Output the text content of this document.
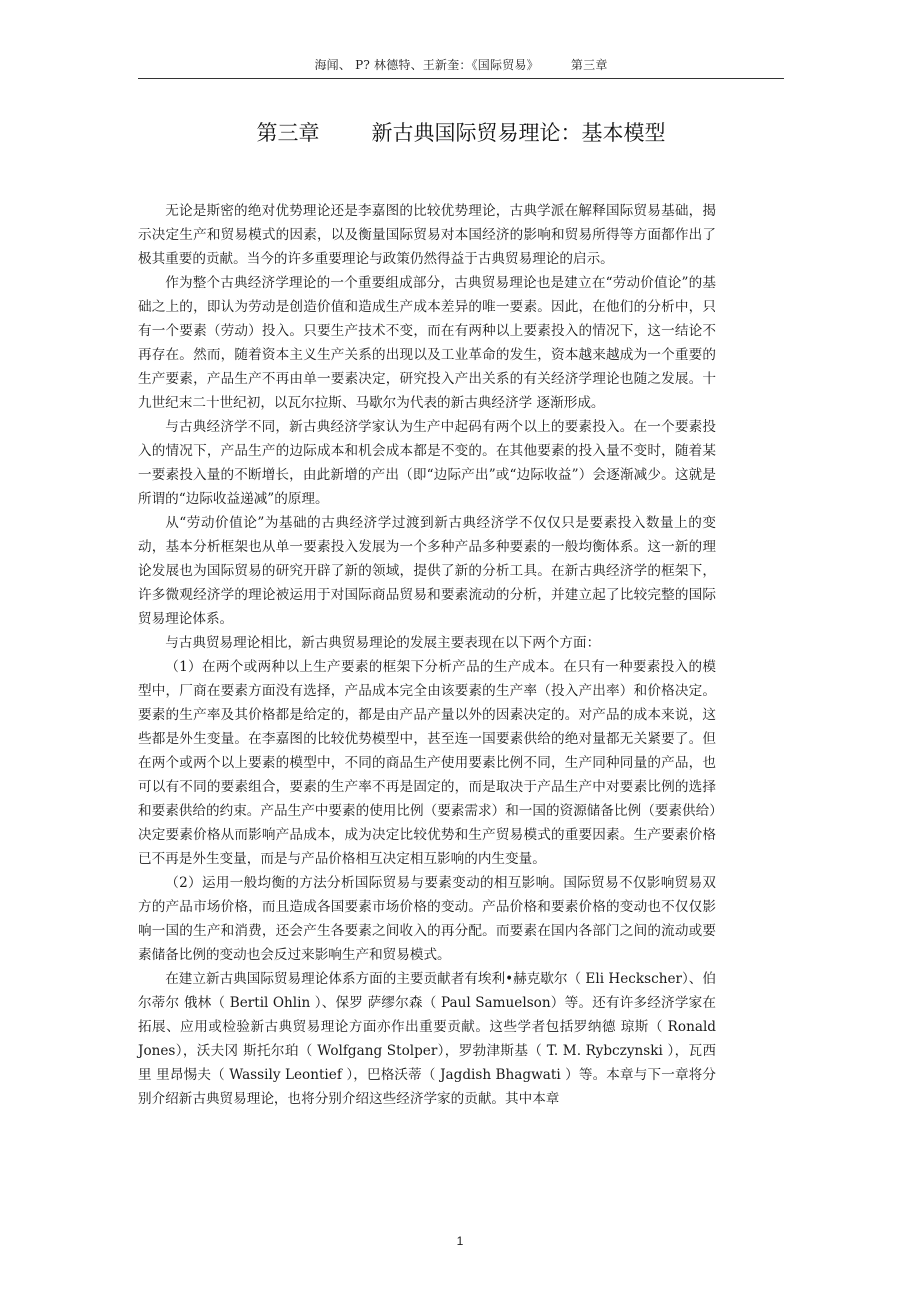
海闻、 P? 林德特、王新奎：《国际贸易》        第三章
第三章 新古典国际贸易理论：基本模型

无论是斯密的绝对优势理论还是李嘉图的比较优势理论，古典学派在解释国际贸易基础，揭示决定生产和贸易模式的因素，以及衡量国际贸易对本国经济的影响和贸易所得等方面都作出了极其重要的贡献。当今的许多重要理论与政策仍然得益于古典贸易理论的启示。

作为整个古典经济学理论的一个重要组成部分，古典贸易理论也是建立在“劳动价值论”的基础之上的，即认为劳动是创造价值和造成生产成本差异的唯一要素。因此，在他们的分析中，只有一个要素（劳动）投入。只要生产技术不变，而在有两种以上要素投入的情况下，这一结论不再存在。然而，随着资本主义生产关系的出现以及工业革命的发生，资本越来越成为一个重要的生产要素，产品生产不再由单一要素决定，研究投入产出关系的有关经济学理论也随之发展。十九世纪末二十世纪初，以瓦尔拉斯、马歇尔为代表的新古典经济学 逐渐形成。

与古典经济学不同，新古典经济学家认为生产中起码有两个以上的要素投入。在一个要素投入的情况下，产品生产的边际成本和机会成本都是不变的。在其他要素的投入量不变时，随着某一要素投入量的不断增长，由此新增的产出（即“边际产出”或“边际收益”）会逐渐减少。这就是所谓的“边际收益递减”的原理。

从“劳动价值论”为基础的古典经济学过渡到新古典经济学不仅仅只是要素投入数量上的变动，基本分析框架也从单一要素投入发展为一个多种产品多种要素的一般均衡体系。这一新的理论发展也为国际贸易的研究开辟了新的领域，提供了新的分析工具。在新古典经济学的框架下，许多微观经济学的理论被运用于对国际商品贸易和要素流动的分析，并建立起了比较完整的国际贸易理论体系。

与古典贸易理论相比，新古典贸易理论的发展主要表现在以下两个方面：

（1）在两个或两种以上生产要素的框架下分析产品的生产成本。在只有一种要素投入的模型中，厂商在要素方面没有选择，产品成本完全由该要素的生产率（投入产出率）和价格决定。要素的生产率及其价格都是给定的，都是由产品产量以外的因素决定的。对产品的成本来说，这些都是外生变量。在李嘉图的比较优势模型中，甚至连一国要素供给的绝对量都无关紧要了。但在两个或两个以上要素的模型中，不同的商品生产使用要素比例不同，生产同种同量的产品，也可以有不同的要素组合，要素的生产率不再是固定的，而是取决于产品生产中对要素比例的选择和要素供给的约束。产品生产中要素的使用比例（要素需求）和一国的资源储备比例（要素供给）决定要素价格从而影响产品成本，成为决定比较优势和生产贸易模式的重要因素。生产要素价格已不再是外生变量，而是与产品价格相互决定相互影响的内生变量。

（2）运用一般均衡的方法分析国际贸易与要素变动的相互影响。国际贸易不仅影响贸易双方的产品市场价格，而且造成各国要素市场价格的变动。产品价格和要素价格的变动也不仅仅影响一国的生产和消费，还会产生各要素之间收入的再分配。而要素在国内各部门之间的流动或要素储备比例的变动也会反过来影响生产和贸易模式。

在建立新古典国际贸易理论体系方面的主要贡献者有埃利•赫克歇尔（ Eli Heckscher）、伯尔蒂尔 俄林（ Bertil Ohlin ）、保罗 萨缪尔森（ Paul Samuelson）等。还有许多经济学家在拓展、应用或检验新古典贸易理论方面亦作出重要贡献。这些学者包括罗纳德 琼斯（ Ronald Jones），沃夫冈 斯托尔珀（ Wolfgang Stolper），罗勃津斯基（ T. M. Rybczynski ），瓦西里 里昂惕夫（ Wassily Leontief ），巴格沃蒂（ Jagdish Bhagwati ）等。本章与下一章将分别介绍新古典贸易理论，也将分别介绍这些经济学家的贡献。其中本章

1
